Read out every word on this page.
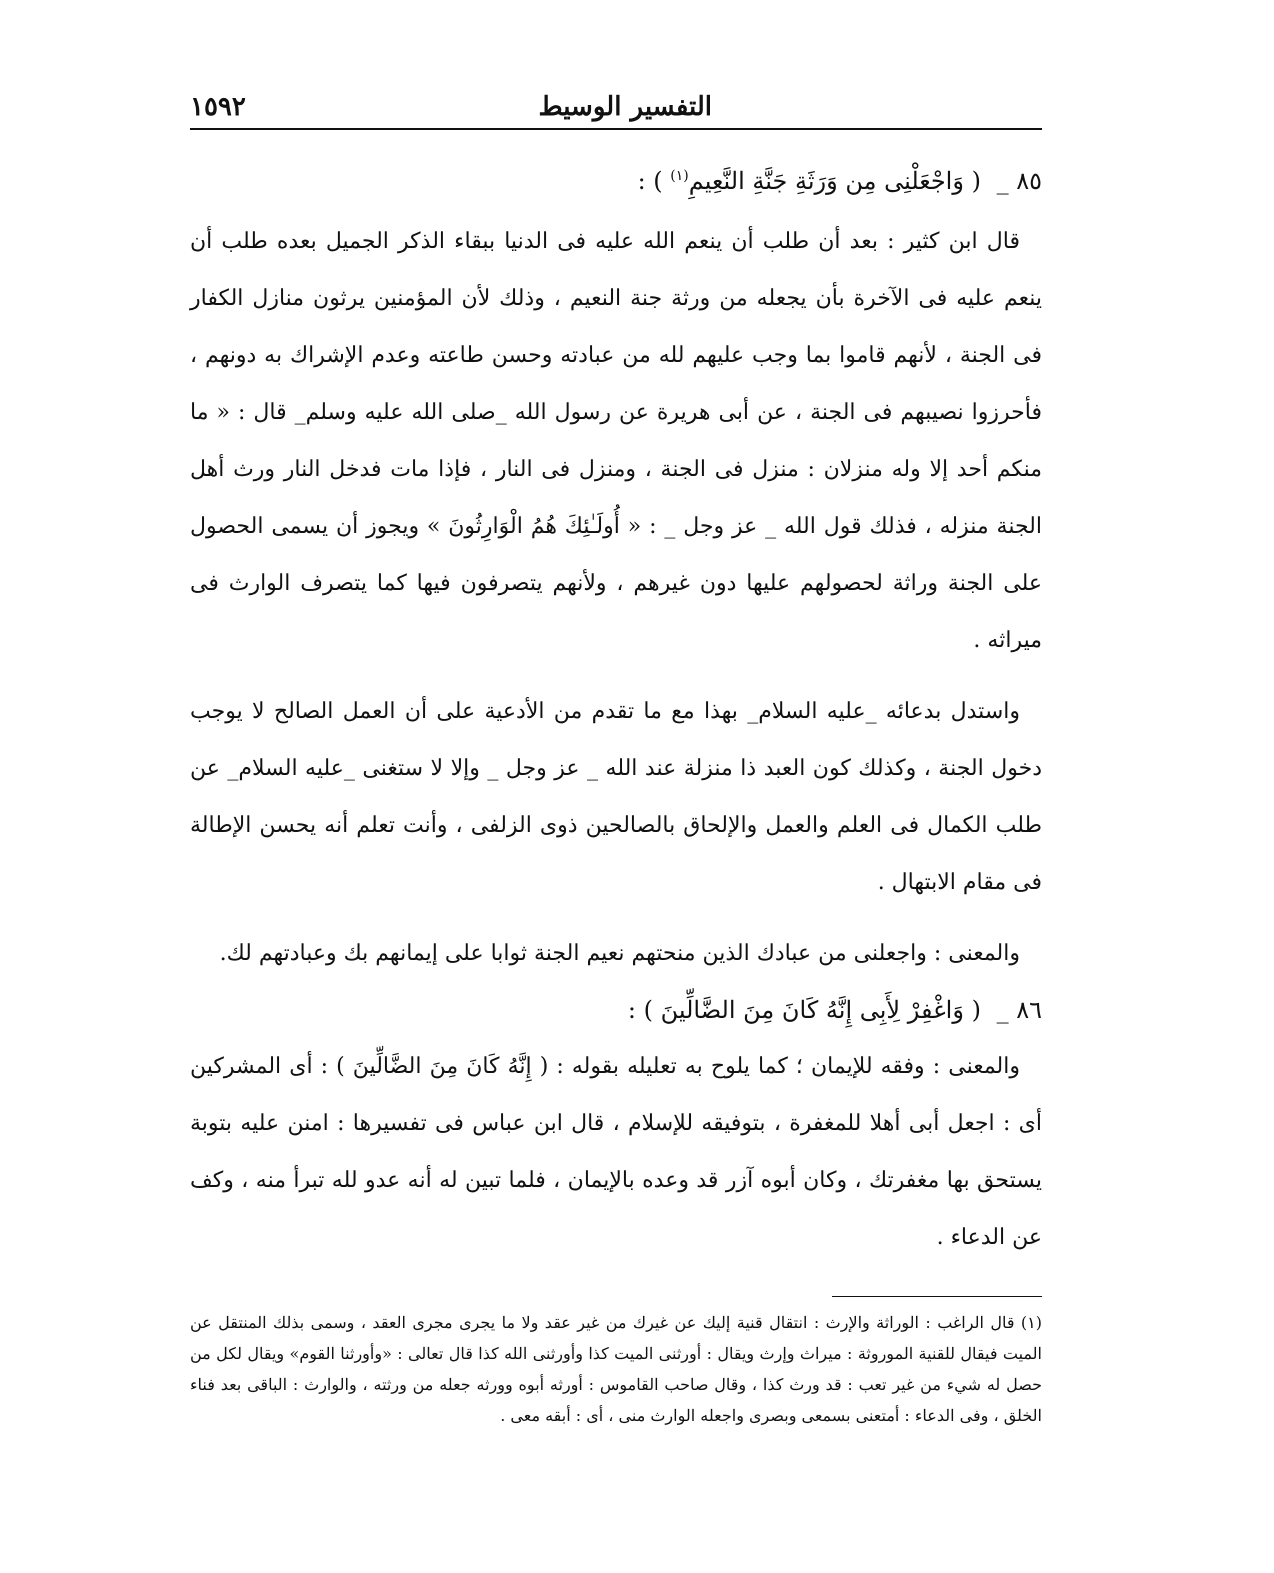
التفسير الوسيط
١٥٩٢
٨٥ _ ( وَاجْعَلْنِى مِن وَرَثَةِ جَنَّةِ النَّعِيمِ$^{(١)}$ ) :

قال ابن كثير : بعد أن طلب أن ينعم الله عليه فى الدنيا ببقاء الذكر الجميل بعده طلب أن ينعم عليه فى الآخرة بأن يجعله من ورثة جنة النعيم ، وذلك لأن المؤمنين يرثون منازل الكفار فى الجنة ، لأنهم قاموا بما وجب عليهم لله من عبادته وحسن طاعته وعدم الإشراك به دونهم ، فأحرزوا نصيبهم فى الجنة ، عن أبى هريرة عن رسول الله _صلى الله عليه وسلم_ قال : « ما منكم أحد إلا وله منزلان : منزل فى الجنة ، ومنزل فى النار ، فإذا مات فدخل النار ورث أهل الجنة منزله ، فذلك قول الله _ عز وجل _ : « أُولَـٰئِكَ هُمُ الْوَارِثُونَ » ويجوز أن يسمى الحصول على الجنة وراثة لحصولهم عليها دون غيرهم ، ولأنهم يتصرفون فيها كما يتصرف الوارث فى ميراثه .

واستدل بدعائه _عليه السلام_ بهذا مع ما تقدم من الأدعية على أن العمل الصالح لا يوجب دخول الجنة ، وكذلك كون العبد ذا منزلة عند الله _ عز وجل _ وإلا لا ستغنى _عليه السلام_ عن طلب الكمال فى العلم والعمل والإلحاق بالصالحين ذوى الزلفى ، وأنت تعلم أنه يحسن الإطالة فى مقام الابتهال .

والمعنى : واجعلنى من عبادك الذين منحتهم نعيم الجنة ثوابا على إيمانهم بك وعبادتهم لك.

٨٦ _ ( وَاغْفِرْ لِأَبِى إِنَّهُ كَانَ مِنَ الضَّالِّينَ ) :

والمعنى : وفقه للإيمان ؛ كما يلوح به تعليله بقوله : ( إِنَّهُ كَانَ مِنَ الضَّالِّينَ ) : أى المشركين أى : اجعل أبى أهلا للمغفرة ، بتوفيقه للإسلام ، قال ابن عباس فى تفسيرها : امنن عليه بتوبة يستحق بها مغفرتك ، وكان أبوه آزر قد وعده بالإيمان ، فلما تبين له أنه عدو لله تبرأ منه ، وكف عن الدعاء .

(١) قال الراغب : الوراثة والإرث : انتقال قنية إليك عن غيرك من غير عقد ولا ما يجرى مجرى العقد ، وسمى بذلك المنتقل عن الميت فيقال للقنية الموروثة : ميراث وإرث ويقال : أورثنى الميت كذا وأورثنى الله كذا قال تعالى : «وأورثنا القوم» ويقال لكل من حصل له شيء من غير تعب : قد ورث كذا ، وقال صاحب القاموس : أورثه أبوه وورثه جعله من ورثته ، والوارث : الباقى بعد فناء الخلق ، وفى الدعاء : أمتعنى بسمعى وبصرى واجعله الوارث منى ، أى : أبقه معى .
